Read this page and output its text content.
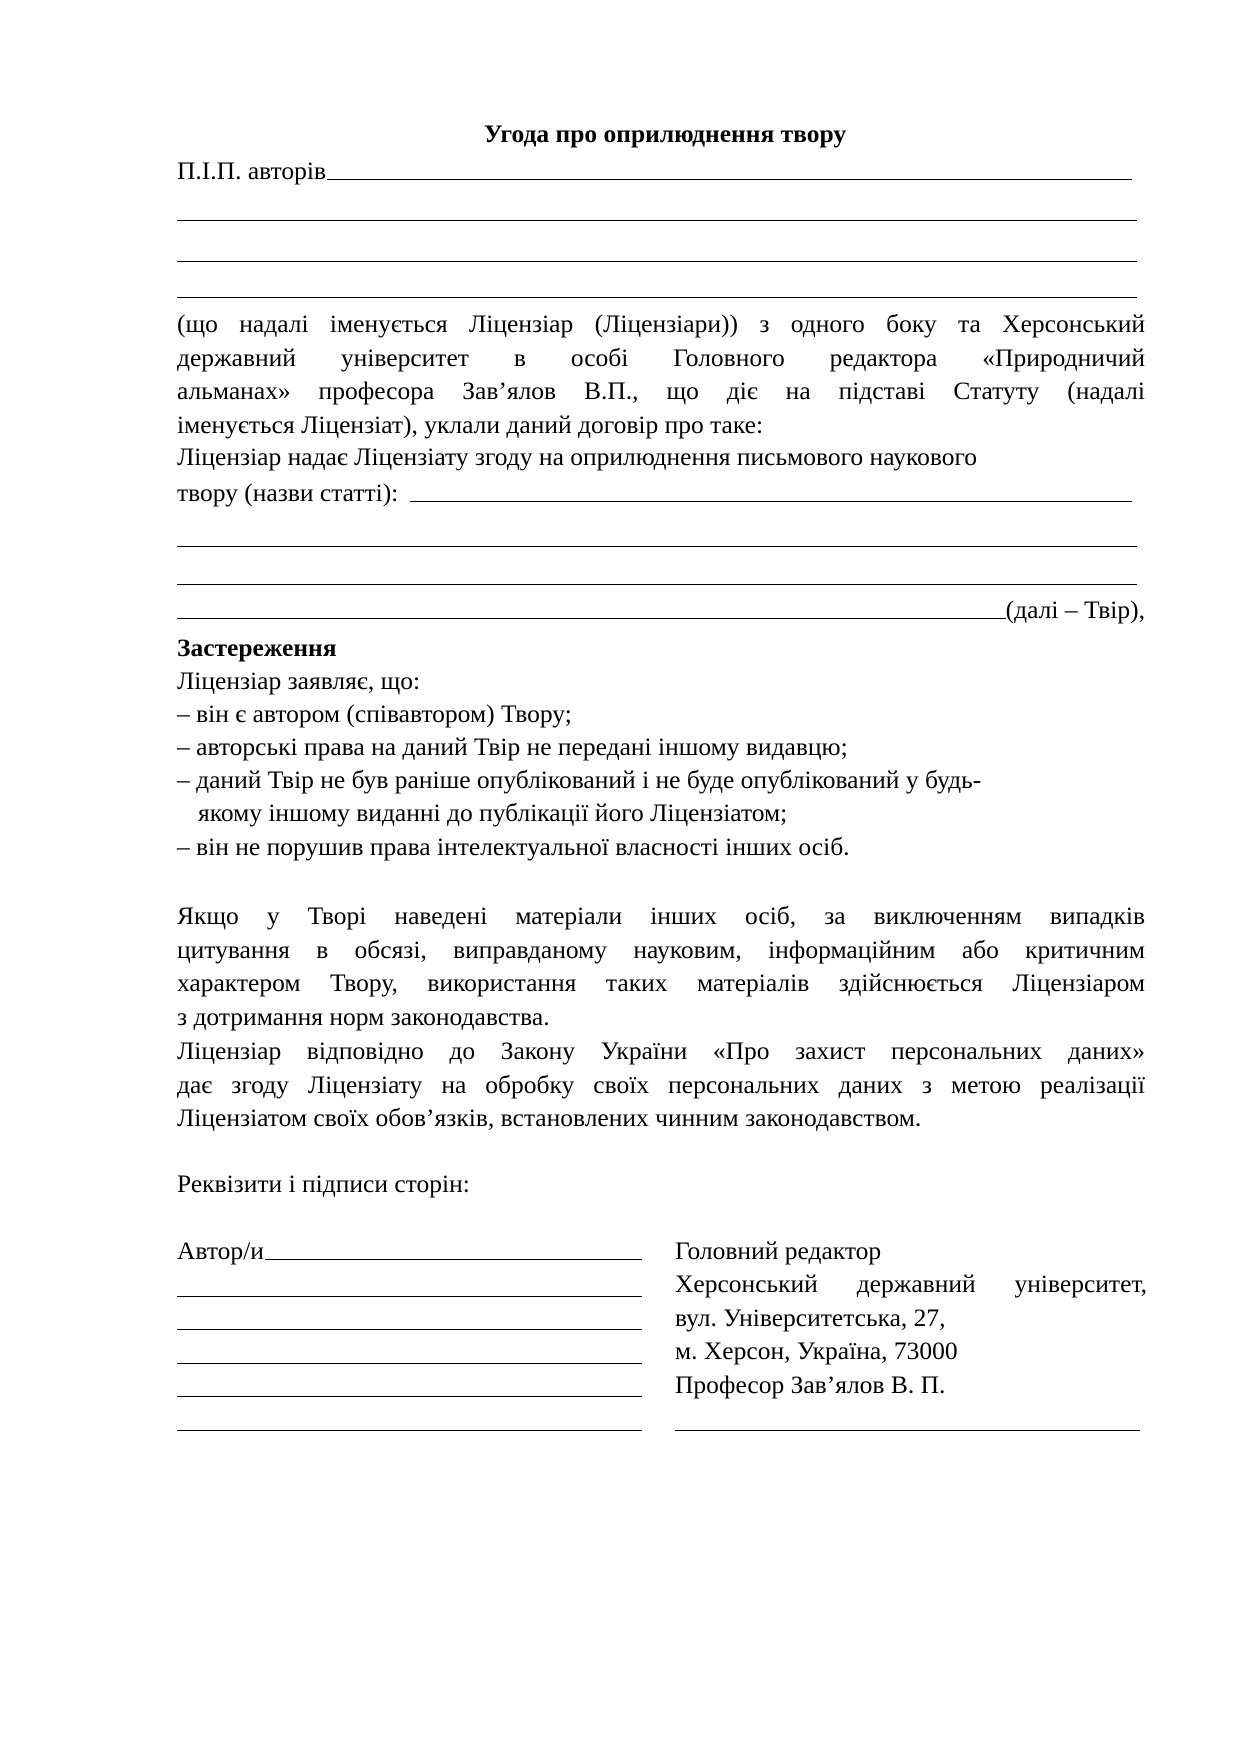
Угода про оприлюднення твору
П.І.П. авторів
(що надалі іменується Ліцензіар (Ліцензіари)) з одного боку та Херсонський
державний університет в особі Головного редактора «Природничий
альманах» професора Зав’ялов В.П., що діє на підставі Статуту (надалі
іменується Ліцензіат), уклали даний договір про таке:
Ліцензіар надає Ліцензіату згоду на оприлюднення письмового наукового
твору (назви статті):
(далі – Твір),
Застереження
Ліцензіар заявляє, що:
– він є автором (співавтором) Твору;
– авторські права на даний Твір не передані іншому видавцю;
– даний Твір не був раніше опублікований і не буде опублікований у будь-
якому іншому виданні до публікації його Ліцензіатом;
– він не порушив права інтелектуальної власності інших осіб.
Якщо у Творі наведені матеріали інших осіб, за виключенням випадків
цитування в обсязі, виправданому науковим, інформаційним або критичним
характером Твору, використання таких матеріалів здійснюється Ліцензіаром
з дотримання норм законодавства.
Ліцензіар відповідно до Закону України «Про захист персональних даних»
дає згоду Ліцензіату на обробку своїх персональних даних з метою реалізації
Ліцензіатом своїх обов’язків, встановлених чинним законодавством.
Реквізити і підписи сторін:
Автор/и	Головний редактор
Херсонський державний університет,
вул. Університетська, 27,
м. Херсон, Україна, 73000
Професор Зав’ялов В. П.
